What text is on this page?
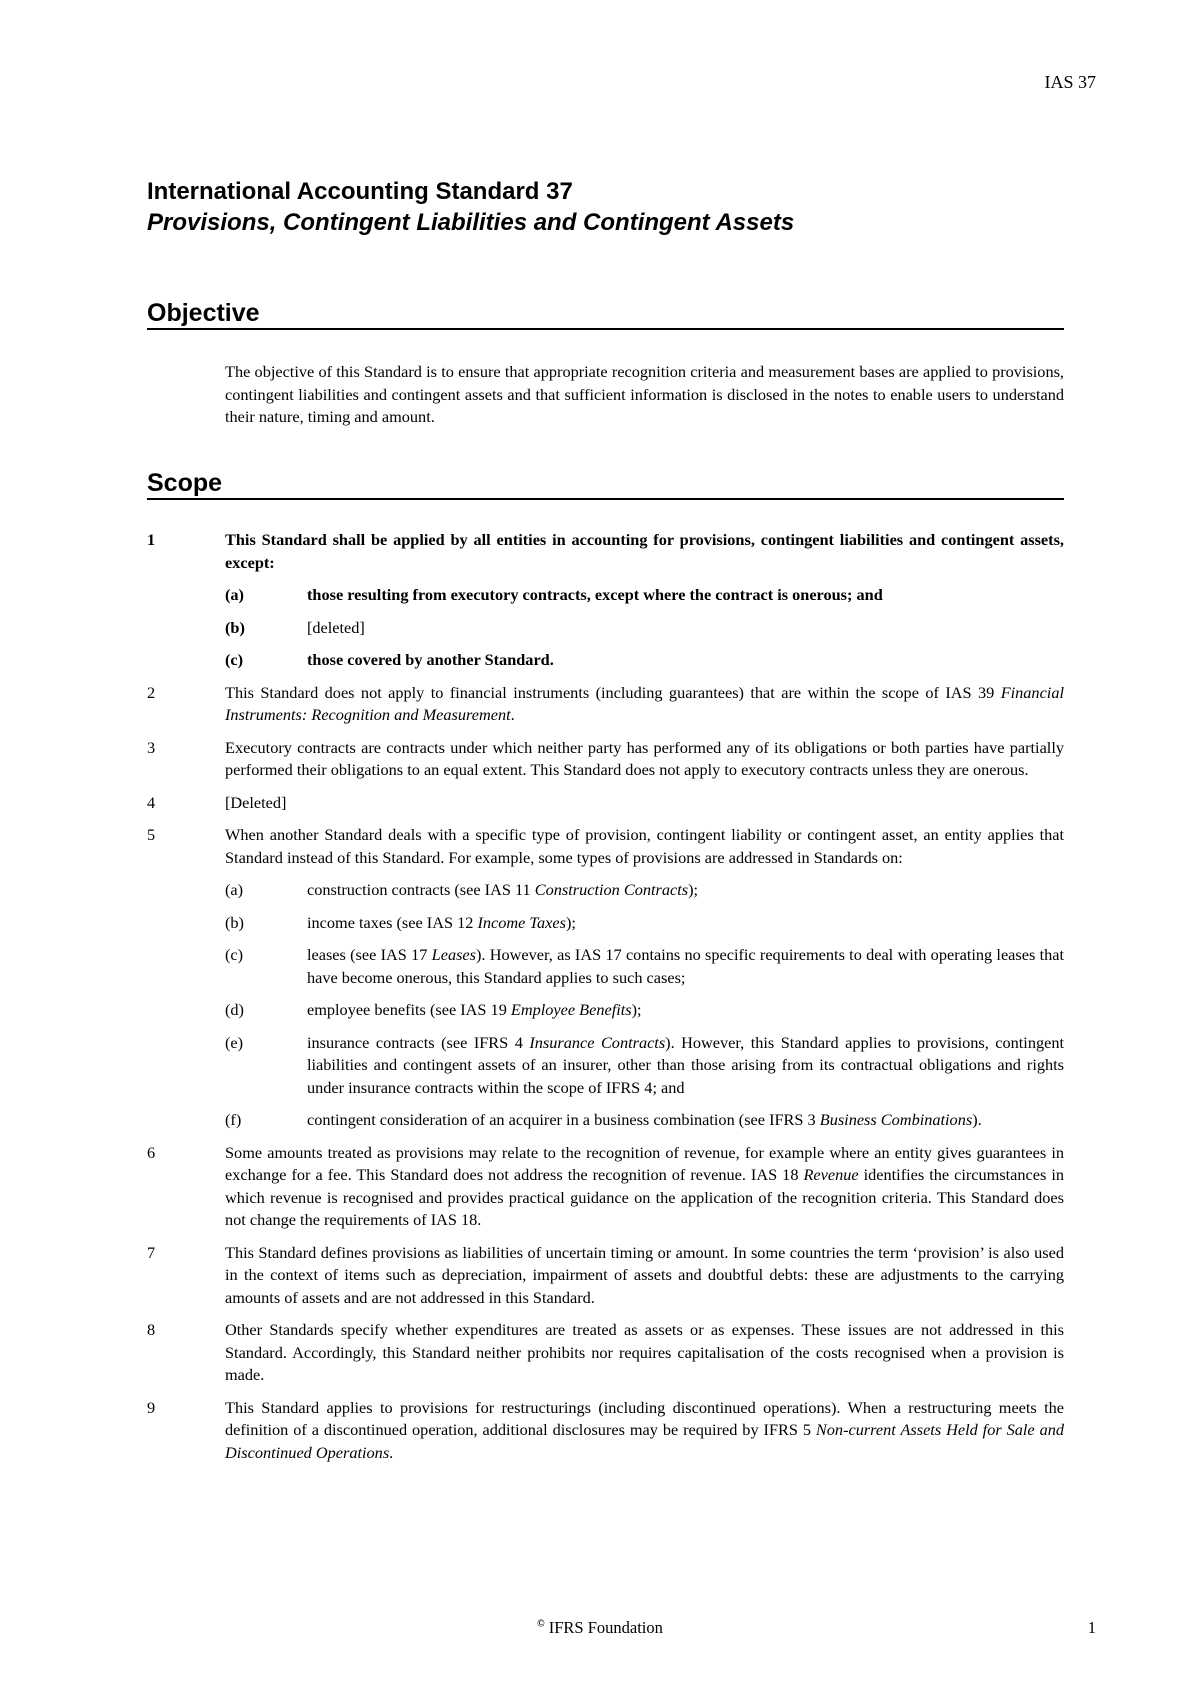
IAS 37
International Accounting Standard 37
Provisions, Contingent Liabilities and Contingent Assets
Objective
The objective of this Standard is to ensure that appropriate recognition criteria and measurement bases are applied to provisions, contingent liabilities and contingent assets and that sufficient information is disclosed in the notes to enable users to understand their nature, timing and amount.
Scope
1	This Standard shall be applied by all entities in accounting for provisions, contingent liabilities and contingent assets, except:
(a)	those resulting from executory contracts, except where the contract is onerous; and
(b)	[deleted]
(c)	those covered by another Standard.
2	This Standard does not apply to financial instruments (including guarantees) that are within the scope of IAS 39 Financial Instruments: Recognition and Measurement.
3	Executory contracts are contracts under which neither party has performed any of its obligations or both parties have partially performed their obligations to an equal extent. This Standard does not apply to executory contracts unless they are onerous.
4	[Deleted]
5	When another Standard deals with a specific type of provision, contingent liability or contingent asset, an entity applies that Standard instead of this Standard. For example, some types of provisions are addressed in Standards on:
(a)	construction contracts (see IAS 11 Construction Contracts);
(b)	income taxes (see IAS 12 Income Taxes);
(c)	leases (see IAS 17 Leases). However, as IAS 17 contains no specific requirements to deal with operating leases that have become onerous, this Standard applies to such cases;
(d)	employee benefits (see IAS 19 Employee Benefits);
(e)	insurance contracts (see IFRS 4 Insurance Contracts). However, this Standard applies to provisions, contingent liabilities and contingent assets of an insurer, other than those arising from its contractual obligations and rights under insurance contracts within the scope of IFRS 4; and
(f)	contingent consideration of an acquirer in a business combination (see IFRS 3 Business Combinations).
6	Some amounts treated as provisions may relate to the recognition of revenue, for example where an entity gives guarantees in exchange for a fee. This Standard does not address the recognition of revenue. IAS 18 Revenue identifies the circumstances in which revenue is recognised and provides practical guidance on the application of the recognition criteria. This Standard does not change the requirements of IAS 18.
7	This Standard defines provisions as liabilities of uncertain timing or amount. In some countries the term ‘provision’ is also used in the context of items such as depreciation, impairment of assets and doubtful debts: these are adjustments to the carrying amounts of assets and are not addressed in this Standard.
8	Other Standards specify whether expenditures are treated as assets or as expenses. These issues are not addressed in this Standard. Accordingly, this Standard neither prohibits nor requires capitalisation of the costs recognised when a provision is made.
9	This Standard applies to provisions for restructurings (including discontinued operations). When a restructuring meets the definition of a discontinued operation, additional disclosures may be required by IFRS 5 Non-current Assets Held for Sale and Discontinued Operations.
© IFRS Foundation	1
